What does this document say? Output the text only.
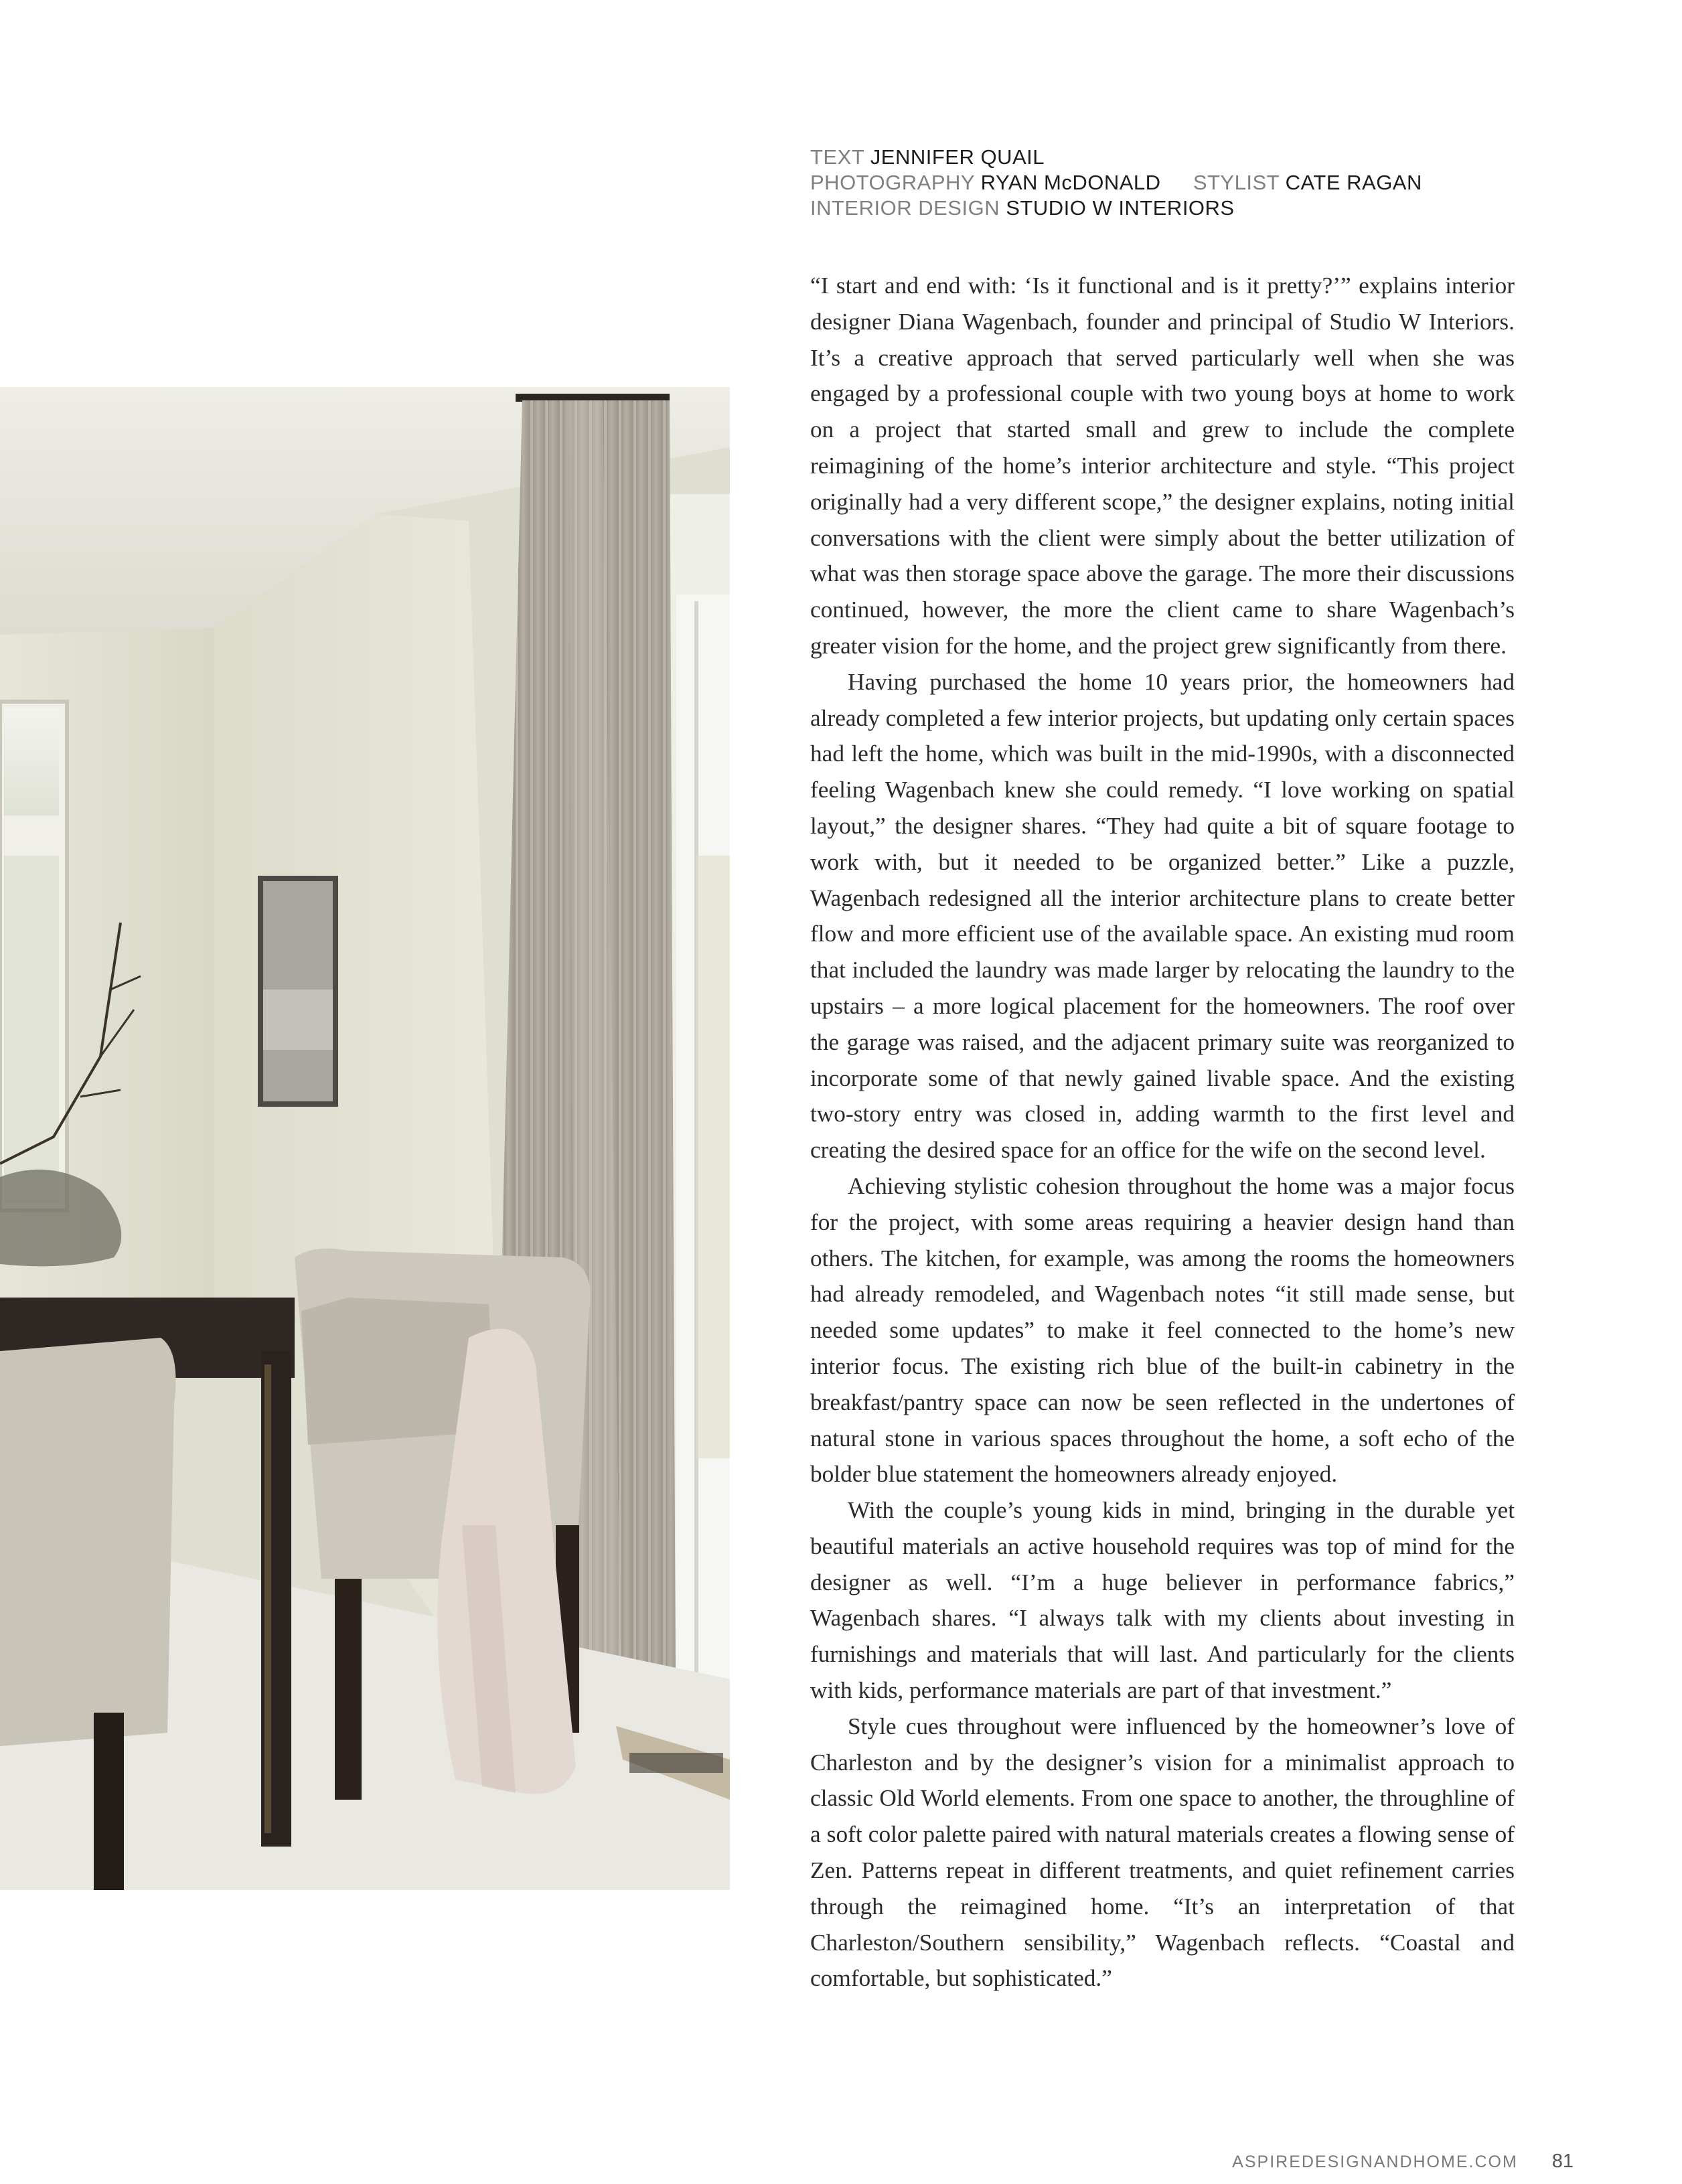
TEXT JENNIFER QUAIL
PHOTOGRAPHY RYAN McDONALD STYLIST CATE RAGAN
INTERIOR DESIGN STUDIO W INTERIORS

“I start and end with: ‘Is it functional and is it pretty?’” explains interior designer Diana Wagenbach, founder and principal of Studio W Interiors. It’s a creative approach that served particularly well when she was engaged by a professional couple with two young boys at home to work on a project that started small and grew to include the complete reimagining of the home’s interior architecture and style. “This project originally had a very different scope,” the designer explains, noting initial conversations with the client were simply about the better utilization of what was then storage space above the garage. The more their discussions continued, however, the more the client came to share Wagenbach’s greater vision for the home, and the project grew significantly from there.

Having purchased the home 10 years prior, the homeowners had already completed a few interior projects, but updating only certain spaces had left the home, which was built in the mid-1990s, with a disconnected feeling Wagenbach knew she could remedy. “I love working on spatial layout,” the designer shares. “They had quite a bit of square footage to work with, but it needed to be organized better.” Like a puzzle, Wagenbach redesigned all the interior architecture plans to create better flow and more efficient use of the available space. An existing mud room that included the laundry was made larger by relocating the laundry to the upstairs – a more logical placement for the homeowners. The roof over the garage was raised, and the adjacent primary suite was reorganized to incorporate some of that newly gained livable space. And the existing two-story entry was closed in, adding warmth to the first level and creating the desired space for an office for the wife on the second level.

Achieving stylistic cohesion throughout the home was a major focus for the project, with some areas requiring a heavier design hand than others. The kitchen, for example, was among the rooms the homeowners had already remodeled, and Wagenbach notes “it still made sense, but needed some updates” to make it feel connected to the home’s new interior focus. The existing rich blue of the built-in cabinetry in the breakfast/pantry space can now be seen reflected in the undertones of natural stone in various spaces throughout the home, a soft echo of the bolder blue statement the homeowners already enjoyed.

With the couple’s young kids in mind, bringing in the durable yet beautiful materials an active household requires was top of mind for the designer as well. “I’m a huge believer in performance fabrics,” Wagenbach shares. “I always talk with my clients about investing in furnishings and materials that will last. And particularly for the clients with kids, performance materials are part of that investment.”

Style cues throughout were influenced by the homeowner’s love of Charleston and by the designer’s vision for a minimalist approach to classic Old World elements. From one space to another, the throughline of a soft color palette paired with natural materials creates a flowing sense of Zen. Patterns repeat in different treatments, and quiet refinement carries through the reimagined home. “It’s an interpretation of that Charleston/Southern sensibility,” Wagenbach reflects. “Coastal and comfortable, but sophisticated.”

ASPIREDESIGNANDHOME.COM 81
